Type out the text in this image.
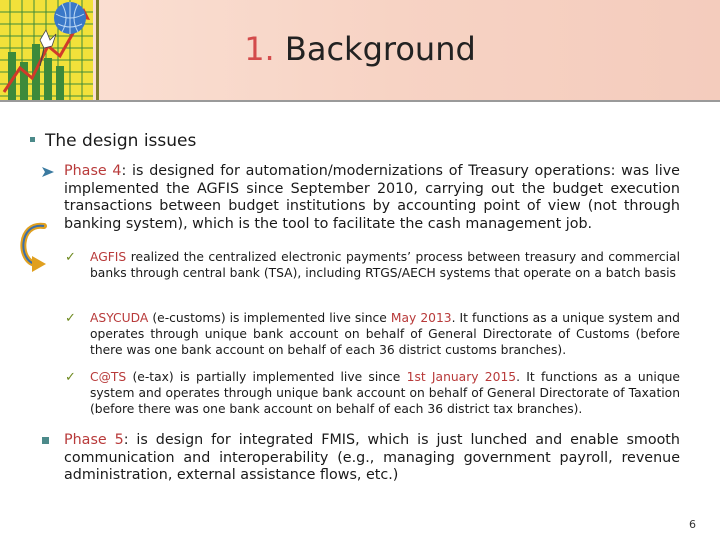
1. Background
The design issues
Phase 4: is designed for automation/modernizations of Treasury operations: was live implemented the AGFIS since September 2010, carrying out the budget execution transactions between budget institutions by accounting point of view (not through banking system), which is the tool to facilitate the cash management job.
✓ AGFIS realized the centralized electronic payments’ process between treasury and commercial banks through central bank (TSA), including RTGS/AECH systems that operate on a batch basis
✓ ASYCUDA (e-customs) is implemented live since May 2013. It functions as a unique system and operates through unique bank account on behalf of General Directorate of Customs (before there was one bank account on behalf of each 36 district customs branches).
✓ C@TS (e-tax) is partially implemented live since 1st January 2015. It functions as a unique system and operates through unique bank account on behalf of General Directorate of Taxation (before there was one bank account on behalf of each 36 district tax branches).
Phase 5: is design for integrated FMIS, which is just lunched and enable smooth communication and interoperability (e.g., managing government payroll, revenue administration, external assistance flows, etc.)
6
